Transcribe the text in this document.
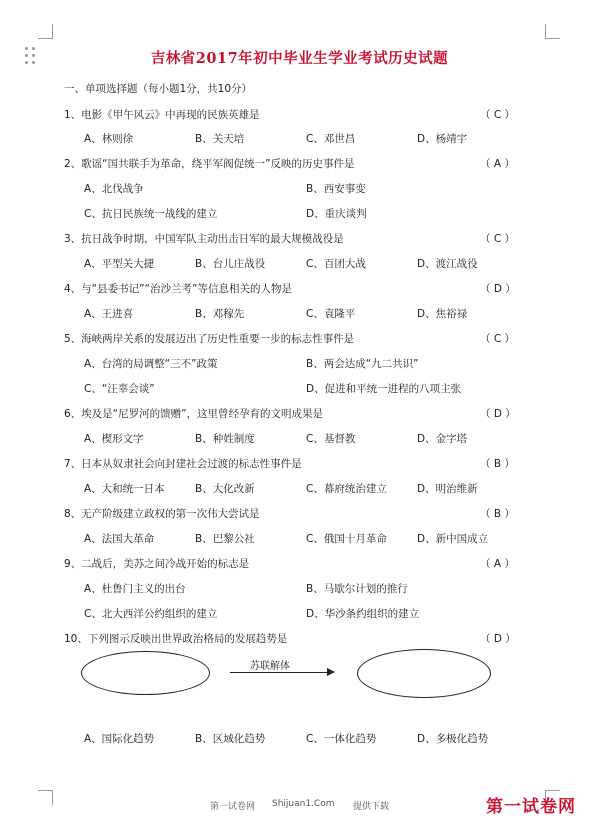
吉林省2017年初中毕业生学业考试历史试题
一、单项选择题（每小题1分，共10分）
1、电影《甲午风云》中再现的民族英雄是	（ C ）
A、林则徐	B、关天培	C、邓世昌	D、杨靖宇
2、歌谣“国共联手为革命，绕平军阀促统一”反映的历史事件是	（ A ）
A、北伐战争	B、西安事变
C、抗日民族统一战线的建立	D、重庆谈判
3、抗日战争时期，中国军队主动出击日军的最大规模战役是	（ C ）
A、平型关大捷	B、台儿庄战役	C、百团大战	D、渡江战役
4、与“县委书记”“治沙兰考”等信息相关的人物是	（ D ）
A、王进喜	B、邓稼先	C、袁隆平	D、焦裕禄
5、海峡两岸关系的发展迈出了历史性重要一步的标志性事件是	（ C ）
A、台湾的局调整“三不”政策	B、两会达成“九二共识”
C、“汪辜会谈”	D、促进和平统一进程的八项主张
6、埃及是“尼罗河的馈赠”，这里曾经孕育的文明成果是	（ D ）
A、楔形文字	B、种姓制度	C、基督教	D、金字塔
7、日本从奴隶社会向封建社会过渡的标志性事件是	（ B ）
A、大和统一日本	B、大化改新	C、幕府统治建立	D、明治维新
8、无产阶级建立政权的第一次伟大尝试是	（ B ）
A、法国大革命	B、巴黎公社	C、俄国十月革命	D、新中国成立
9、二战后，美苏之间冷战开始的标志是	（ A ）
A、杜鲁门主义的出台	B、马歇尔计划的推行
C、北大西洋公约组织的建立	D、华沙条约组织的建立
10、下列图示反映出世界政治格局的发展趋势是	（ D ）
苏联解体
A、国际化趋势	B、区域化趋势	C、一体化趋势	D、多极化趋势
第一试卷网 Shijuan1.Com 提供下载	第一试卷网
